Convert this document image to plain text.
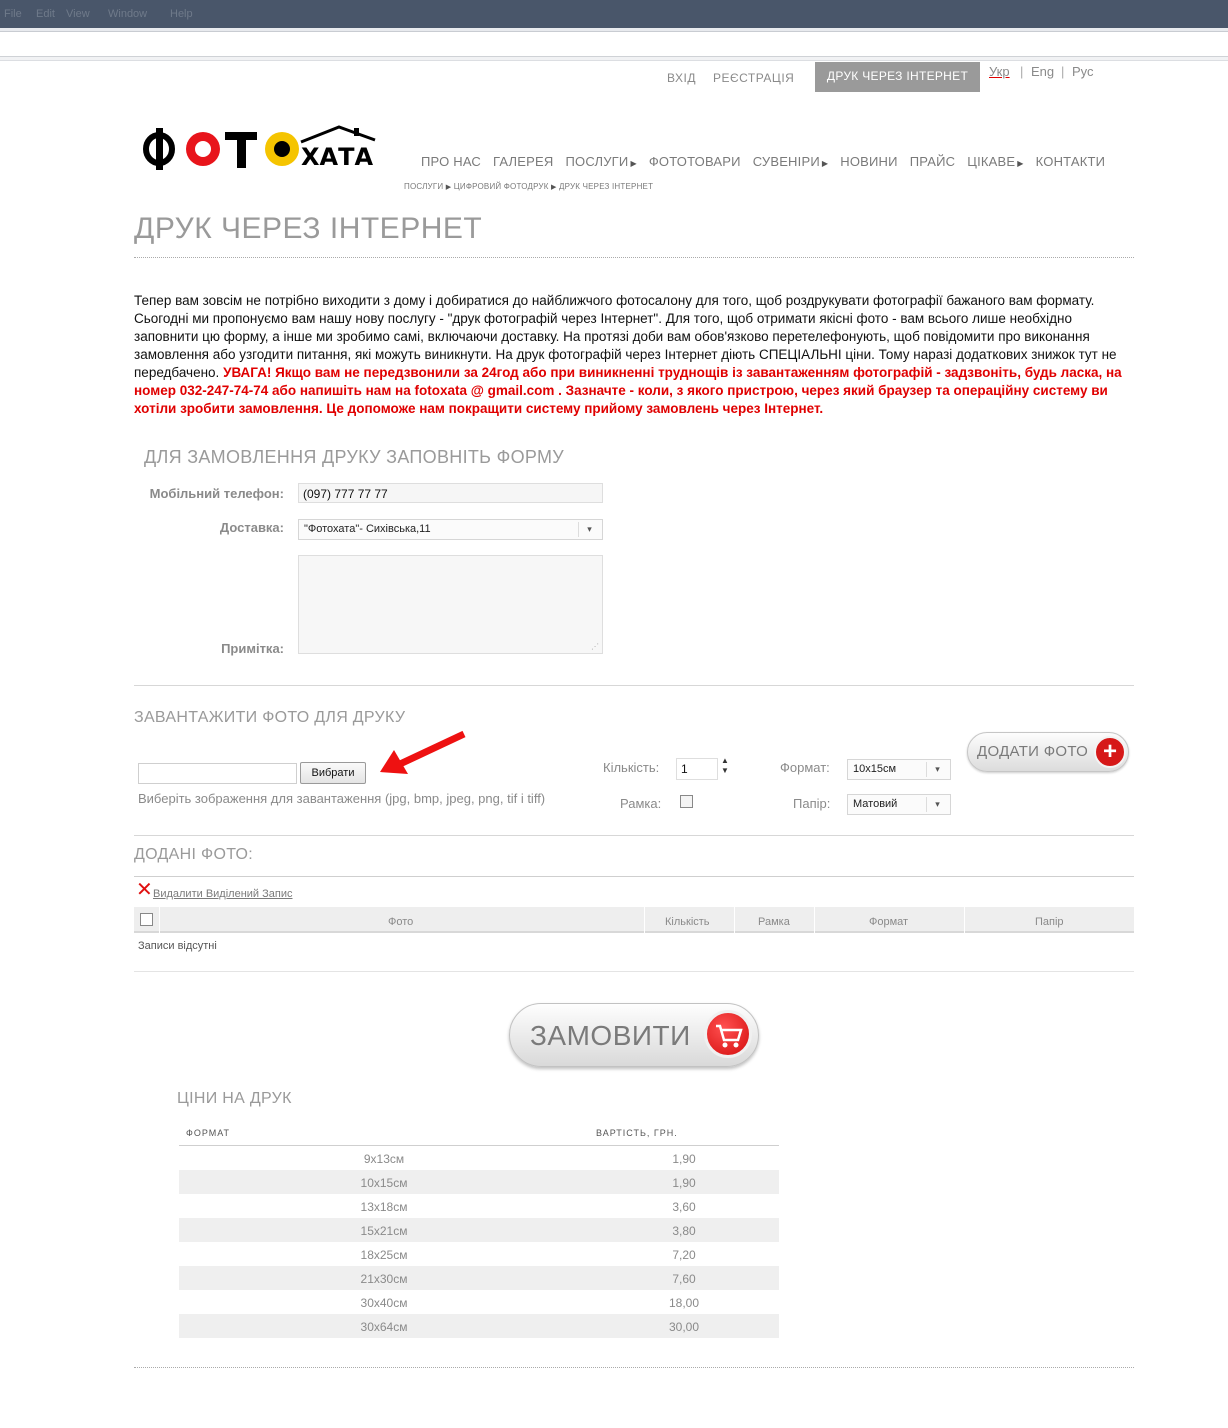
File Edit View Window Help
ВХІД РЕЄСТРАЦІЯ	ДРУК ЧЕРЕЗ ІНТЕРНЕТ	Укр | Eng | Рус
ХАТА	ПРО НАС ГАЛЕРЕЯ ПОСЛУГИ ▶ ФОТОТОВАРИ СУВЕНІРИ ▶ НОВИНИ ПРАЙС ЦІКАВЕ ▶ КОНТАКТИ
ПОСЛУГИ ▶ ЦИФРОВИЙ ФОТОДРУК ▶ ДРУК ЧЕРЕЗ ІНТЕРНЕТ
ДРУК ЧЕРЕЗ ІНТЕРНЕТ
Тепер вам зовсім не потрібно виходити з дому і добиратися до найближчого фотосалону для того, щоб роздрукувати фотографії бажаного вам формату. Сьогодні ми пропонуємо вам нашу нову послугу - "друк фотографій через Інтернет". Для того, щоб отримати якісні фото - вам всього лише необхідно заповнити цю форму, а інше ми зробимо самі, включаючи доставку. На протязі доби вам обов'язково перетелефонують, щоб повідомити про виконання замовлення або узгодити питання, які можуть виникнути. На друк фотографій через Інтернет діють СПЕЦІАЛЬНІ ціни. Тому наразі додаткових знижок тут не передбачено. УВАГА! Якщо вам не передзвонили за 24год або при виникненні труднощів із завантаженням фотографій - задзвоніть, будь ласка, на номер 032-247-74-74 або напишіть нам на fotoxata @ gmail.com . Зазначте - коли, з якого пристрою, через який браузер та операційну систему ви хотіли зробити замовлення. Це допоможе нам покращити систему прийому замовлень через Інтернет.
ДЛЯ ЗАМОВЛЕННЯ ДРУКУ ЗАПОВНІТЬ ФОРМУ
Мобільний телефон:	(097) 777 77 77
Доставка:	"Фотохата"- Сихівська,11	▾
⋰
Примітка:
ЗАВАНТАЖИТИ ФОТО ДЛЯ ДРУКУ
Вибрати
Виберіть зображення для завантаження (jpg, bmp, jpeg, png, tif i tiff)
Кількість:	1
▲
▼	Формат:	10x15см	▾
Рамка:	Папір:	Матовий	▾
ДОДАТИ ФОТО +
ДОДАНІ ФОТО:
✕ Видалити Виділений Запис
Фото	Кількість	Рамка	Формат	Папір
Записи відсутні
ЗАМОВИТИ
ЦІНИ НА ДРУК
ФОРМАТ	ВАРТІСТЬ, ГРН.
9x13см	1,90
10x15см	1,90
13x18см	3,60
15x21см	3,80
18x25см	7,20
21x30см	7,60
30x40см	18,00
30x64см	30,00
